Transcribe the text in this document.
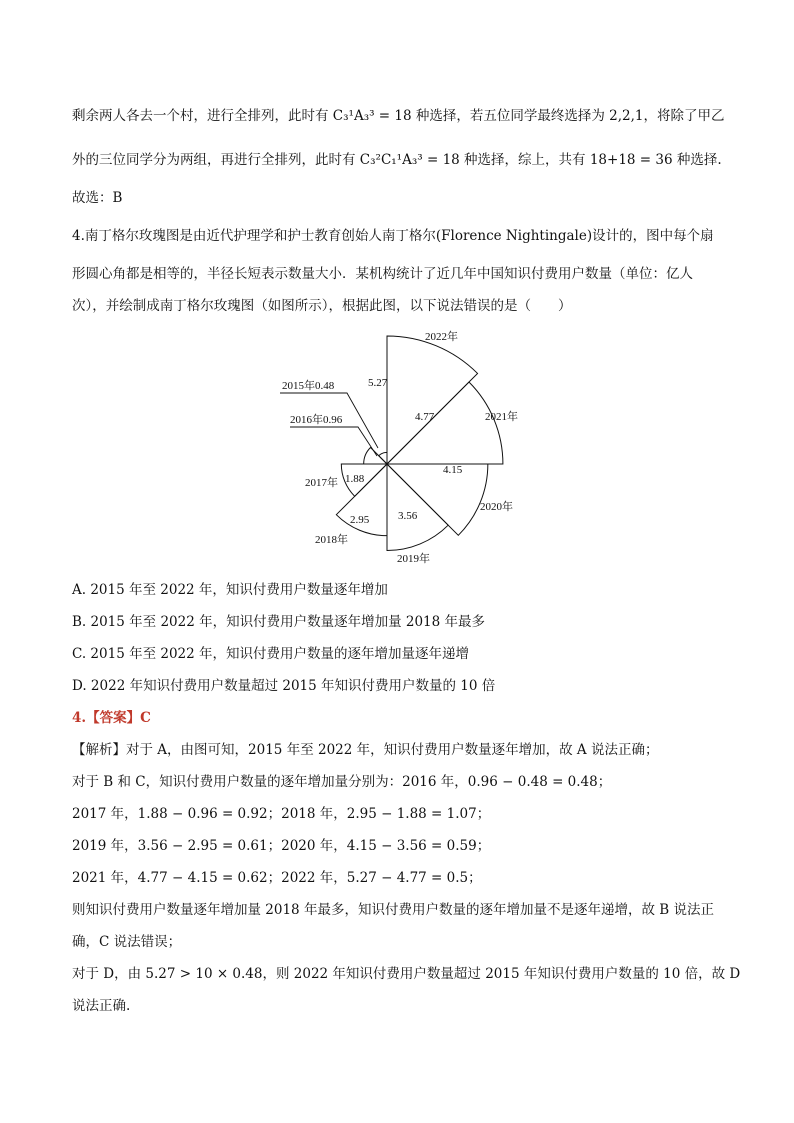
剩余两人各去一个村，进行全排列，此时有 C₃¹A₃³ = 18 种选择，若五位同学最终选择为 2,2,1，将除了甲乙
外的三位同学分为两组，再进行全排列，此时有 C₃²C₁¹A₃³ = 18 种选择，综上，共有 18+18 = 36 种选择.
故选：B
4.南丁格尔玫瑰图是由近代护理学和护士教育创始人南丁格尔(Florence Nightingale)设计的，图中每个扇
形圆心角都是相等的，半径长短表示数量大小．某机构统计了近几年中国知识付费用户数量（单位：亿人
次），并绘制成南丁格尔玫瑰图（如图所示），根据此图，以下说法错误的是（　　）
2022年
5.27
2021年
4.77
2020年
4.15
2019年
3.56
2018年
2.95
2017年 1.88
2016年0.96
2015年0.48
A. 2015 年至 2022 年，知识付费用户数量逐年增加
B. 2015 年至 2022 年，知识付费用户数量逐年增加量 2018 年最多
C. 2015 年至 2022 年，知识付费用户数量的逐年增加量逐年递增
D. 2022 年知识付费用户数量超过 2015 年知识付费用户数量的 10 倍
4.【答案】C
【解析】对于 A，由图可知，2015 年至 2022 年，知识付费用户数量逐年增加，故 A 说法正确；
对于 B 和 C，知识付费用户数量的逐年增加量分别为：2016 年，0.96 − 0.48 = 0.48；
2017 年，1.88 − 0.96 = 0.92；2018 年，2.95 − 1.88 = 1.07；
2019 年，3.56 − 2.95 = 0.61；2020 年，4.15 − 3.56 = 0.59；
2021 年，4.77 − 4.15 = 0.62；2022 年，5.27 − 4.77 = 0.5；
则知识付费用户数量逐年增加量 2018 年最多，知识付费用户数量的逐年增加量不是逐年递增，故 B 说法正
确，C 说法错误；
对于 D，由 5.27 > 10 × 0.48，则 2022 年知识付费用户数量超过 2015 年知识付费用户数量的 10 倍，故 D
说法正确.
